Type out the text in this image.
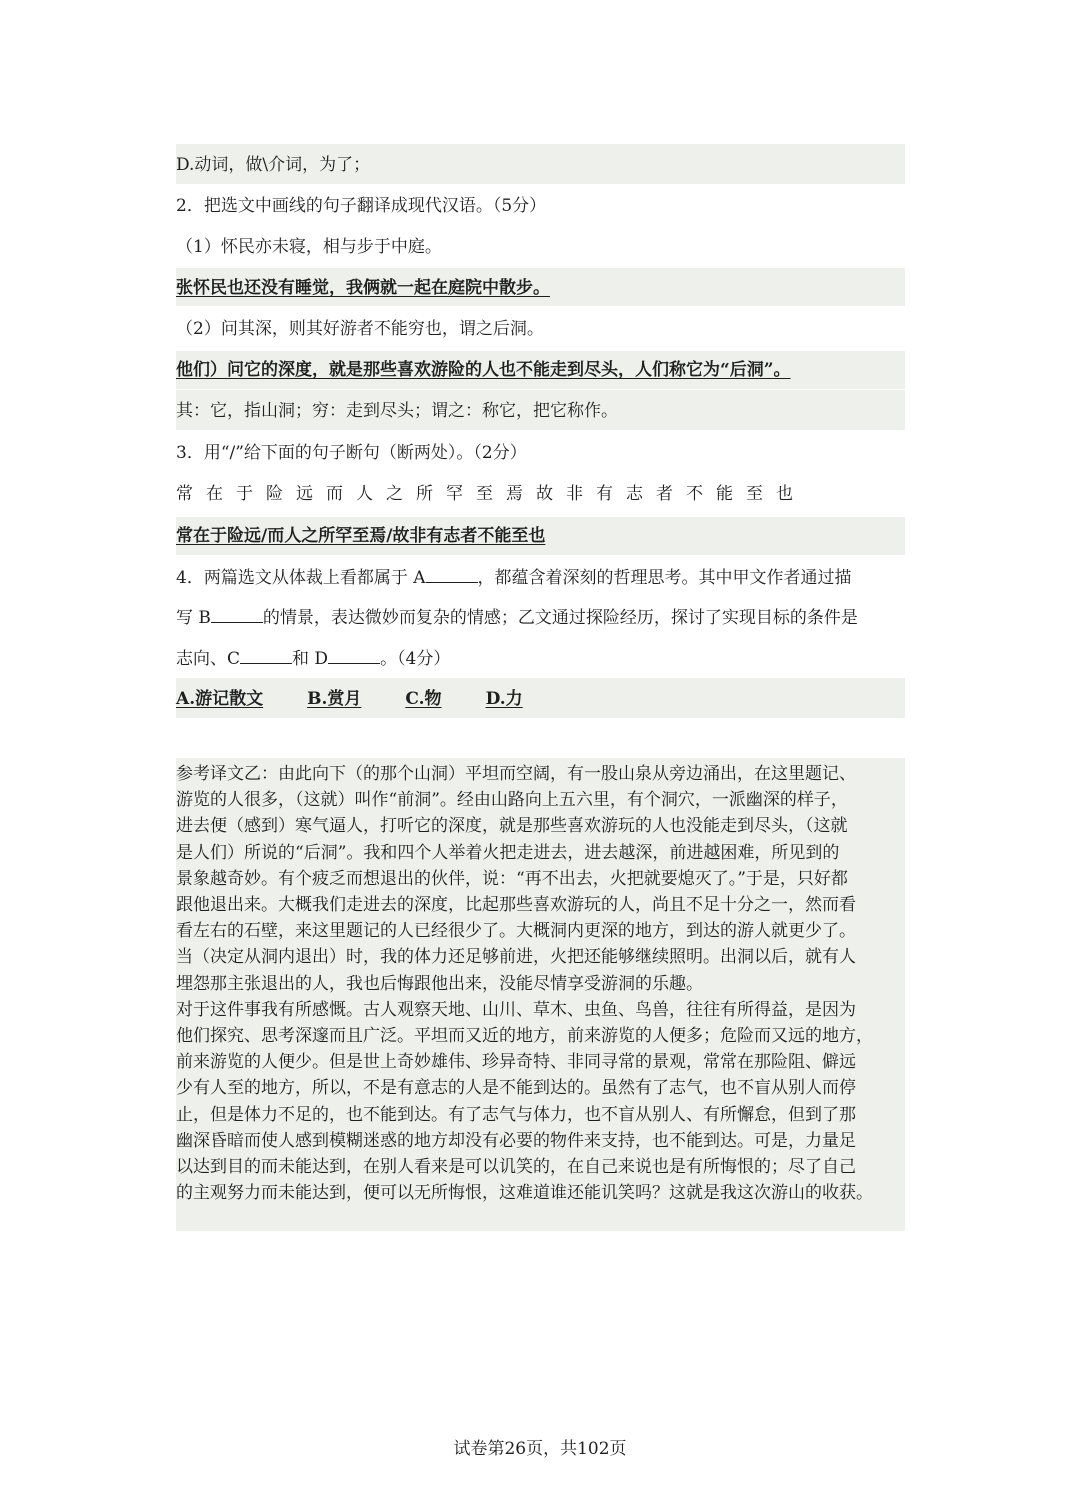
D.动词，做\介词，为了；
2．把选文中画线的句子翻译成现代汉语。（5分）
（1）怀民亦未寝，相与步于中庭。
张怀民也还没有睡觉，我俩就一起在庭院中散步。
（2）问其深，则其好游者不能穷也，谓之后洞。
他们）问它的深度，就是那些喜欢游险的人也不能走到尽头，人们称它为“后洞”。
其：它，指山洞；穷：走到尽头；谓之：称它，把它称作。
3．用“/”给下面的句子断句（断两处）。（2分）
常在于险远而人之所罕至焉故非有志者不能至也
常在于险远/而人之所罕至焉/故非有志者不能至也
4．两篇选文从体裁上看都属于 A	，都蕴含着深刻的哲理思考。其中甲文作者通过描
写 B	的情景，表达微妙而复杂的情感；乙文通过探险经历，探讨了实现目标的条件是
志向、C	和 D	。（4分）
A.游记散文	B.赏月	C.物	D.力

参考译文乙：由此向下（的那个山洞）平坦而空阔，有一股山泉从旁边涌出，在这里题记、

游览的人很多，（这就）叫作“前洞”。经由山路向上五六里，有个洞穴，一派幽深的样子，

进去便（感到）寒气逼人，打听它的深度，就是那些喜欢游玩的人也没能走到尽头，（这就

是人们）所说的“后洞”。我和四个人举着火把走进去，进去越深，前进越困难，所见到的

景象越奇妙。有个疲乏而想退出的伙伴，说：“再不出去，火把就要熄灭了。”于是，只好都

跟他退出来。大概我们走进去的深度，比起那些喜欢游玩的人，尚且不足十分之一，然而看

看左右的石壁，来这里题记的人已经很少了。大概洞内更深的地方，到达的游人就更少了。

当（决定从洞内退出）时，我的体力还足够前进，火把还能够继续照明。出洞以后，就有人

埋怨那主张退出的人，我也后悔跟他出来，没能尽情享受游洞的乐趣。

对于这件事我有所感慨。古人观察天地、山川、草木、虫鱼、鸟兽，往往有所得益，是因为

他们探究、思考深邃而且广泛。平坦而又近的地方，前来游览的人便多；危险而又远的地方，

前来游览的人便少。但是世上奇妙雄伟、珍异奇特、非同寻常的景观，常常在那险阻、僻远

少有人至的地方，所以，不是有意志的人是不能到达的。虽然有了志气，也不盲从别人而停

止，但是体力不足的，也不能到达。有了志气与体力，也不盲从别人、有所懈怠，但到了那

幽深昏暗而使人感到模糊迷惑的地方却没有必要的物件来支持，也不能到达。可是，力量足

以达到目的而未能达到，在别人看来是可以讥笑的，在自己来说也是有所悔恨的；尽了自己

的主观努力而未能达到，便可以无所悔恨，这难道谁还能讥笑吗？这就是我这次游山的收获。

试卷第26页，共102页
